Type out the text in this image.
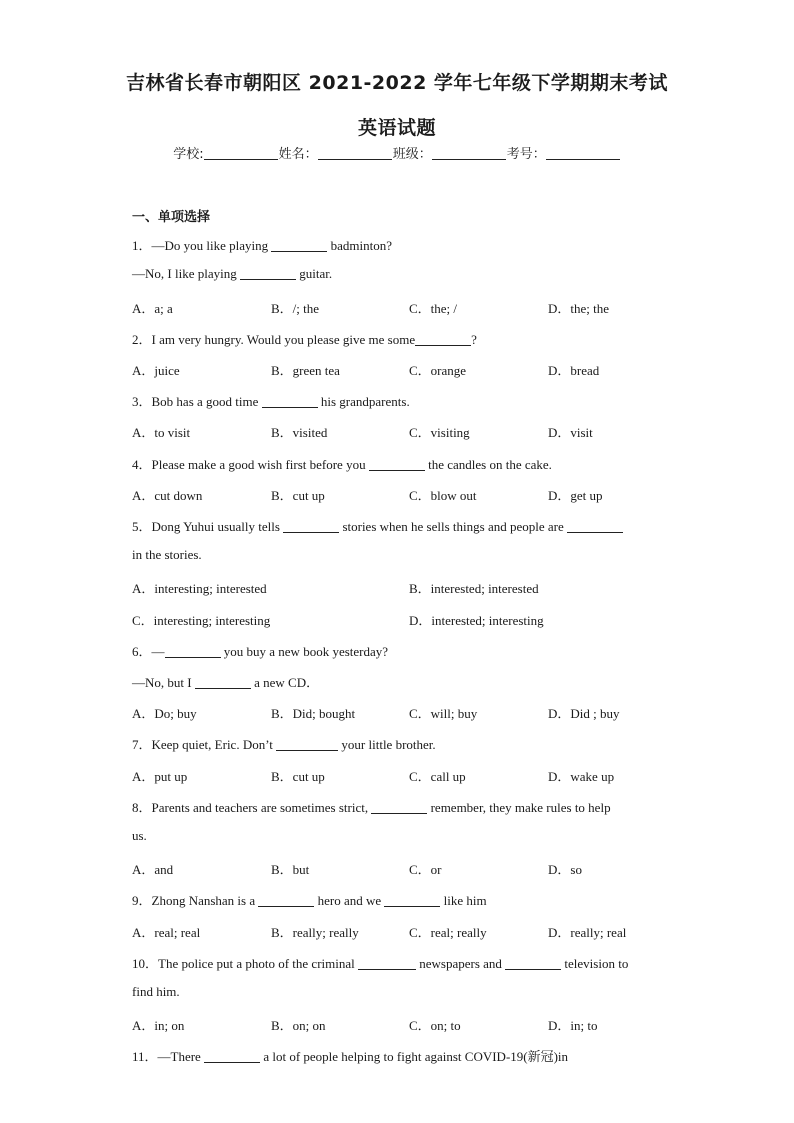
吉林省长春市朝阳区 2021-2022 学年七年级下学期期末考试
英语试题
学校:	姓名：	班级：	考号：
一、单项选择
1．—Do you like playing	badminton?
—No, I like playing	guitar.
A．a; a	B．/; the	C．the; /	D．the; the
2．I am very hungry. Would you please give me some	?
A．juice	B．green tea	C．orange	D．bread
3．Bob has a good time	his grandparents.
A．to visit	B．visited	C．visiting	D．visit
4．Please make a good wish first before you	the candles on the cake.
A．cut down	B．cut up	C．blow out	D．get up
5．Dong Yuhui usually tells	stories when he sells things and people are
in the stories.
A．interesting; interested	B．interested; interested
C．interesting; interesting	D．interested; interesting
6．—	you buy a new book yesterday?
—No, but I	a new CD．
A．Do; buy	B．Did; bought	C．will; buy	D．Did ; buy
7．Keep quiet, Eric. Don’t	your little brother.
A．put up	B．cut up	C．call up	D．wake up
8．Parents and teachers are sometimes strict,	remember, they make rules to help
us.
A．and	B．but	C．or	D．so
9．Zhong Nanshan is a	hero and we	like him
A．real; real	B．really; really	C．real; really	D．really; real
10．The police put a photo of the criminal	newspapers and	television to
find him.
A．in; on	B．on; on	C．on; to	D．in; to
11．—There	a lot of people helping to fight against COVID-19(新冠)in
